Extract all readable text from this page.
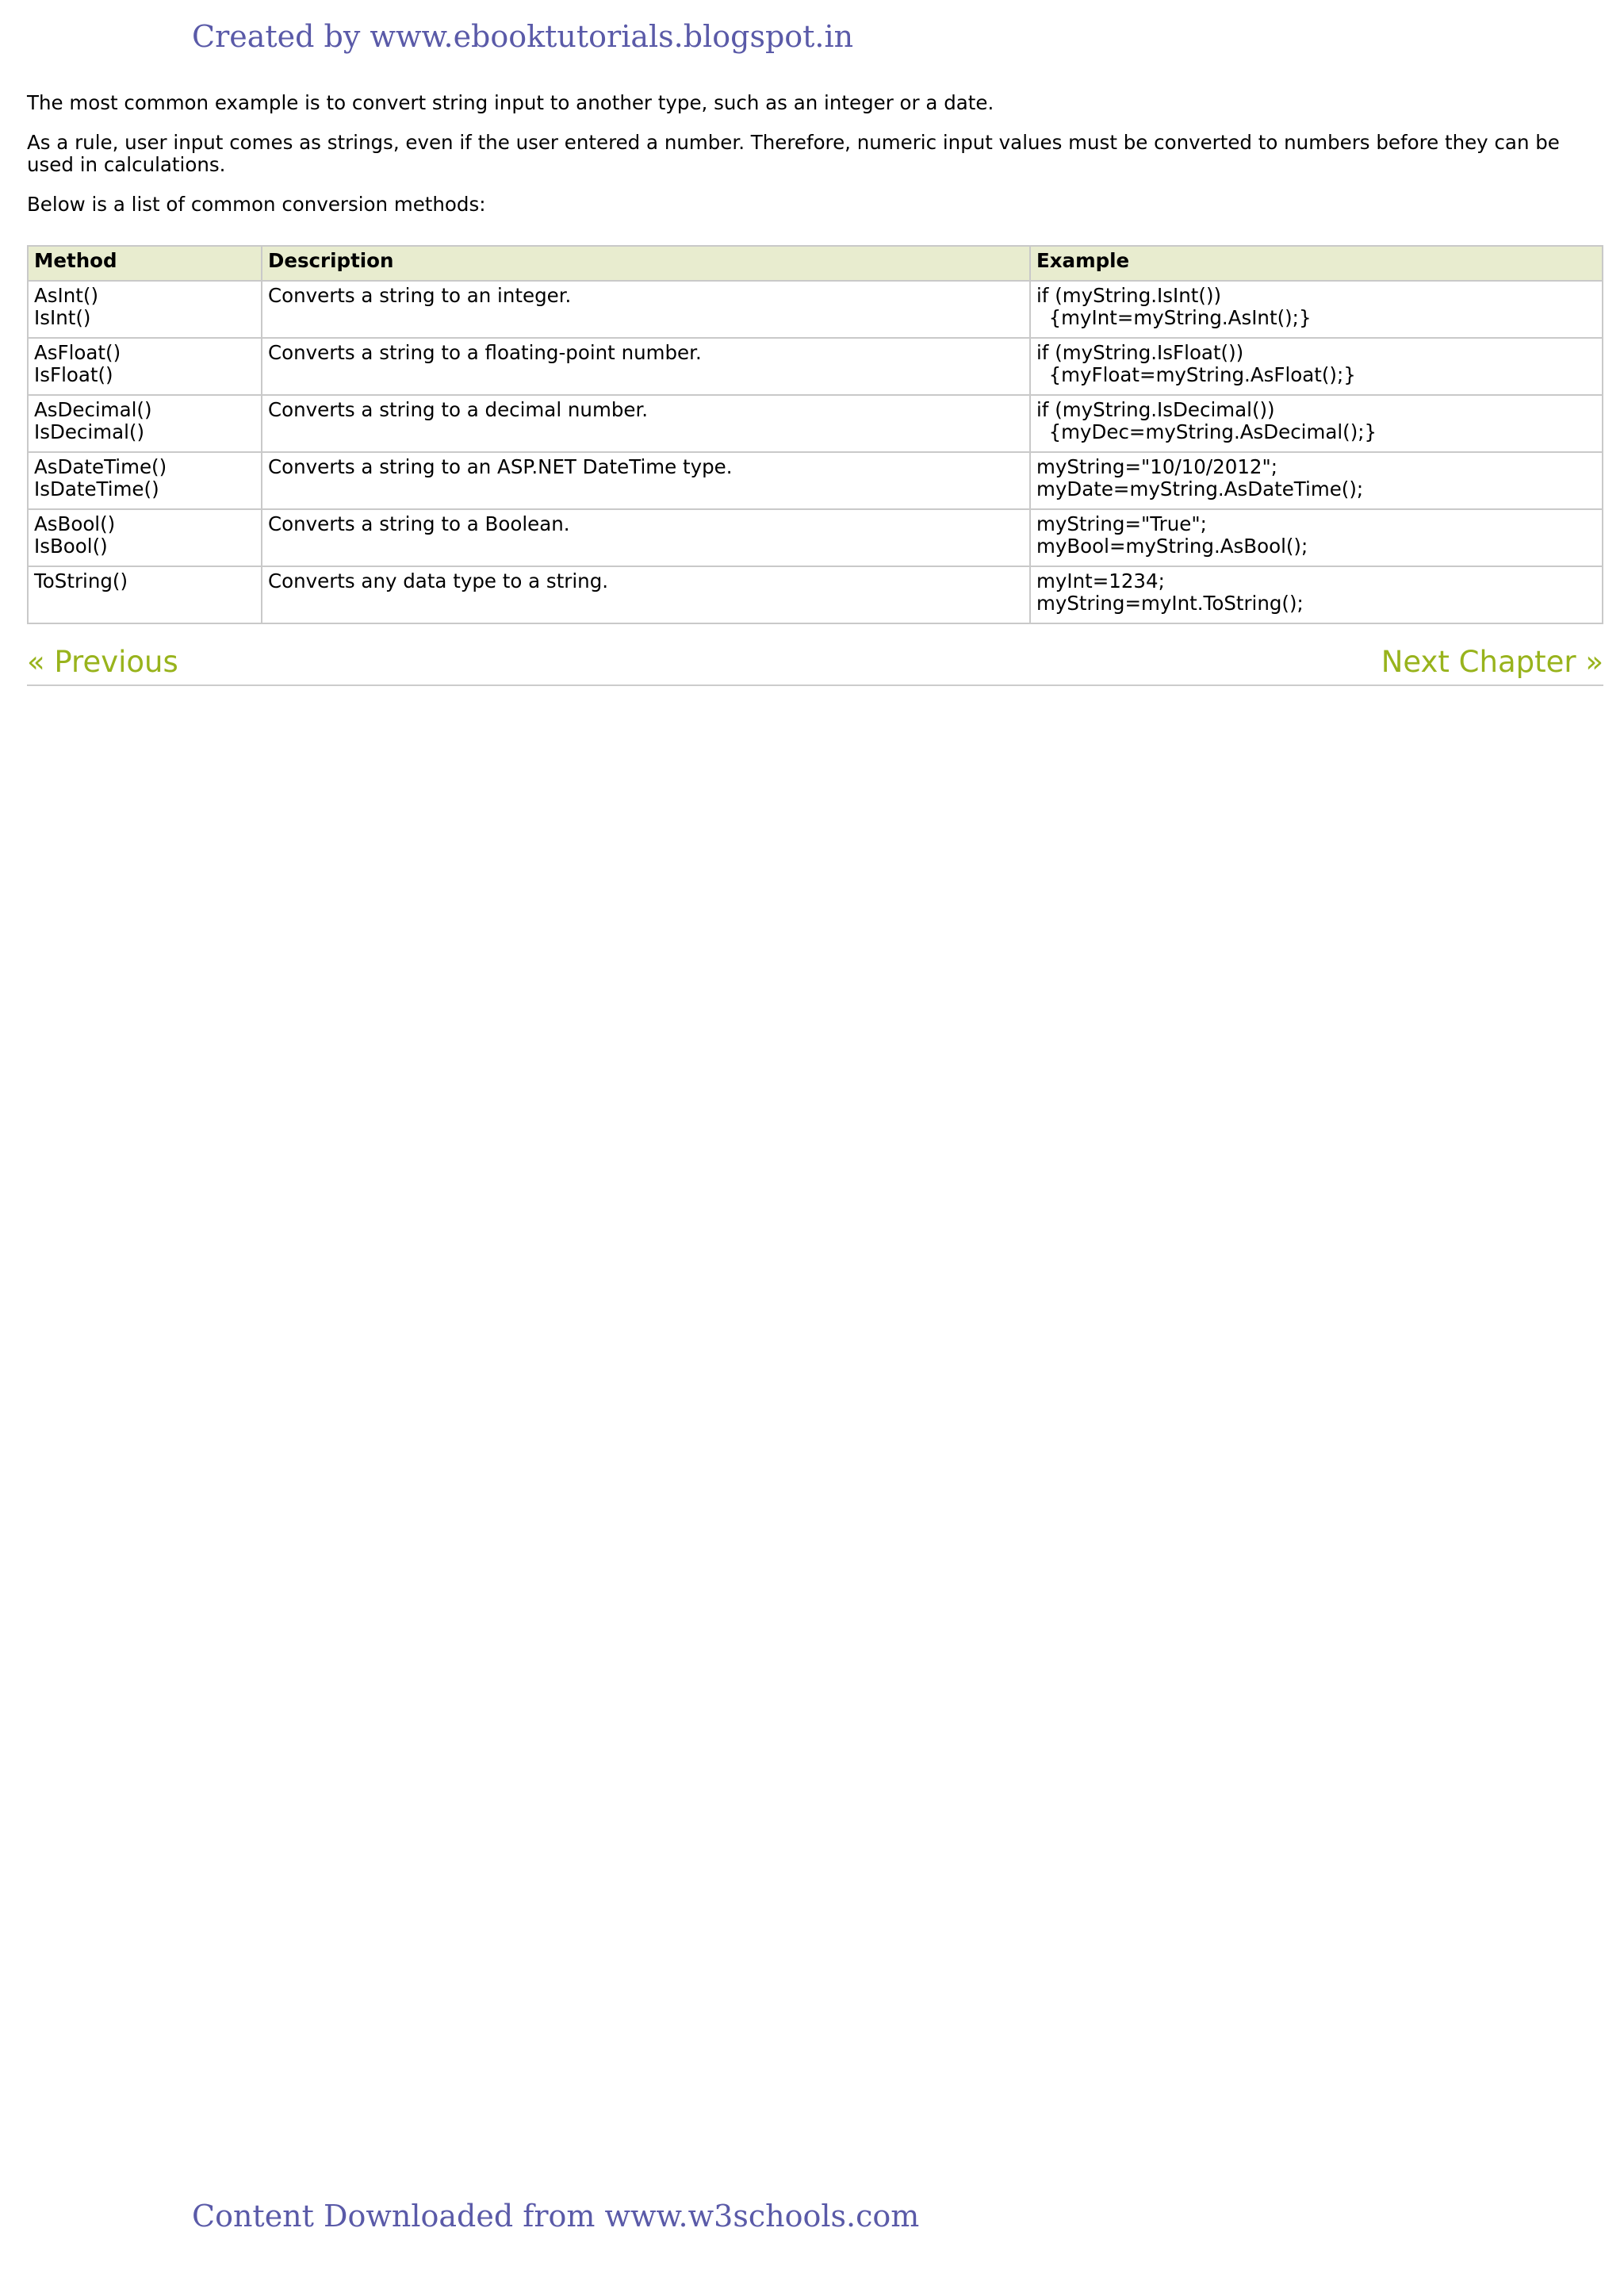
Created by www.ebooktutorials.blogspot.in

The most common example is to convert string input to another type, such as an integer or a date.

As a rule, user input comes as strings, even if the user entered a number. Therefore, numeric input values must be converted to numbers before they can be used in calculations.

Below is a list of common conversion methods:

Method	Description	Example

AsInt()
IsInt()	Converts a string to an integer.	if (myString.IsInt())
{myInt=myString.AsInt();}

AsFloat()
IsFloat()	Converts a string to a floating-point number.	if (myString.IsFloat())
{myFloat=myString.AsFloat();}

AsDecimal()
IsDecimal()	Converts a string to a decimal number.	if (myString.IsDecimal())
{myDec=myString.AsDecimal();}

AsDateTime()
IsDateTime()	Converts a string to an ASP.NET DateTime type.	myString="10/10/2012";
myDate=myString.AsDateTime();

AsBool()
IsBool()	Converts a string to a Boolean.	myString="True";
myBool=myString.AsBool();

ToString()	Converts any data type to a string.	myInt=1234;
myString=myInt.ToString();
« Previous	Next Chapter »
Content Downloaded from www.w3schools.com
